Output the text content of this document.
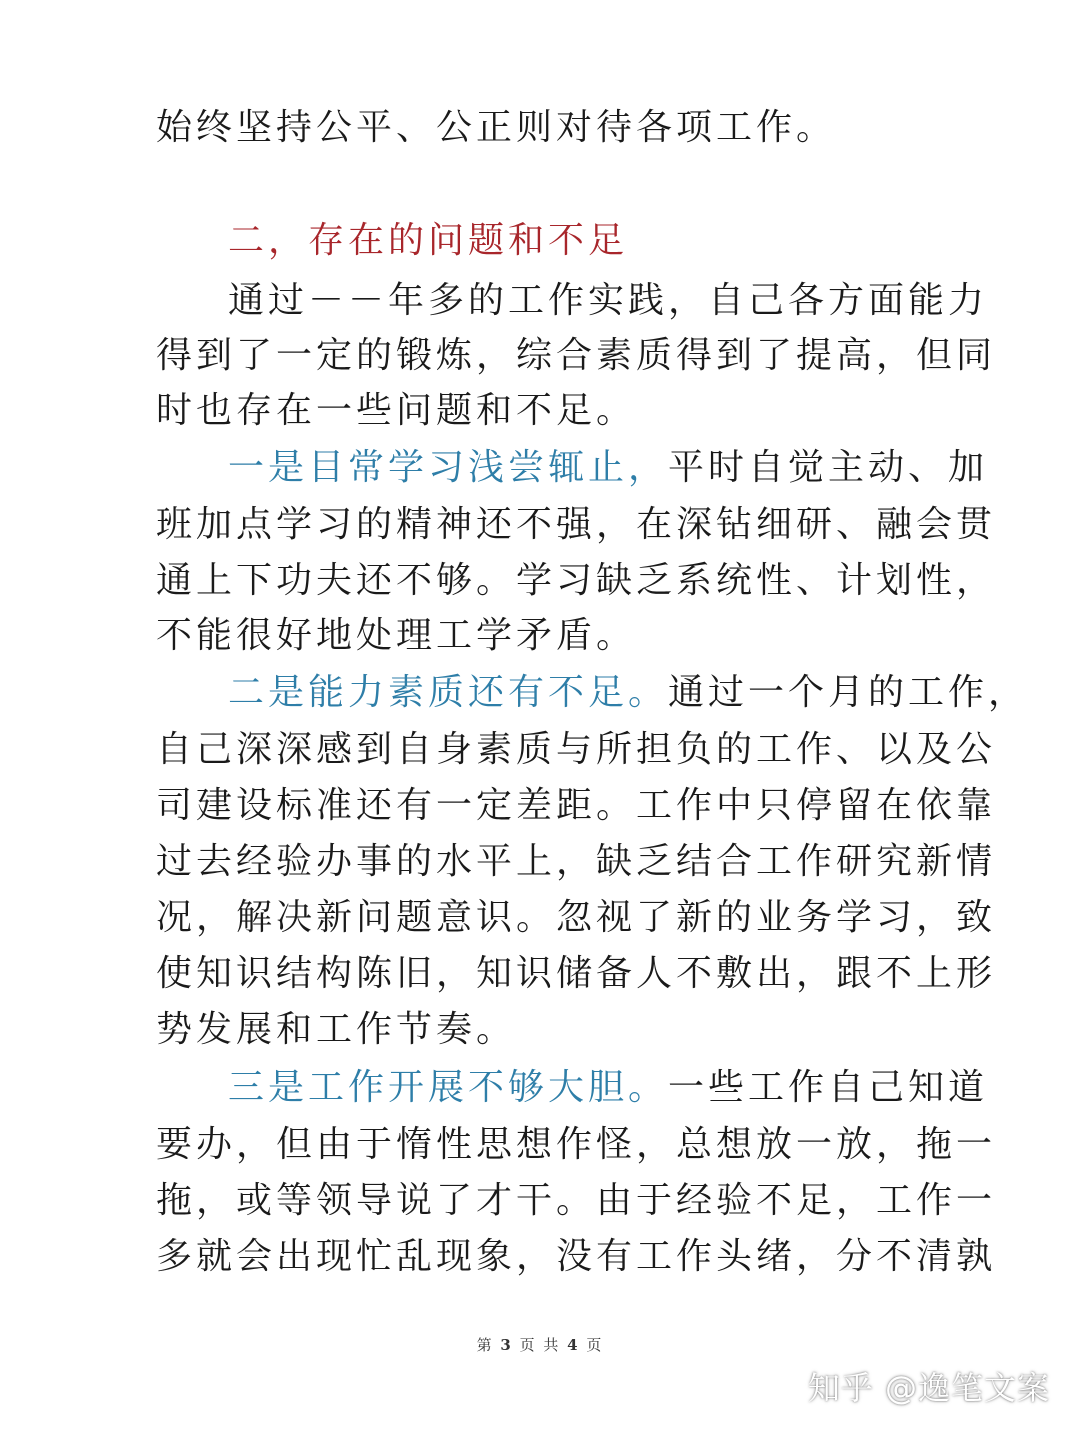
始终坚持公平、公正则对待各项工作。
二，存在的问题和不足
通过－－年多的工作实践，自己各方面能力
得到了一定的锻炼，综合素质得到了提高，但同
时也存在一些问题和不足。
一是目常学习浅尝辄止，平时自觉主动、加
班加点学习的精神还不强，在深钻细研、融会贯
通上下功夫还不够。学习缺乏系统性、计划性，
不能很好地处理工学矛盾。
二是能力素质还有不足。通过一个月的工作，
自己深深感到自身素质与所担负的工作、以及公
司建设标准还有一定差距。工作中只停留在依靠
过去经验办事的水平上，缺乏结合工作研究新情
况，解决新问题意识。忽视了新的业务学习，致
使知识结构陈旧，知识储备人不敷出，跟不上形
势发展和工作节奏。
三是工作开展不够大胆。一些工作自己知道
要办，但由于惰性思想作怪，总想放一放，拖一
拖，或等领导说了才干。由于经验不足，工作一
多就会出现忙乱现象，没有工作头绪，分不清孰
第 3 页 共 4 页
知乎 @逸笔文案
